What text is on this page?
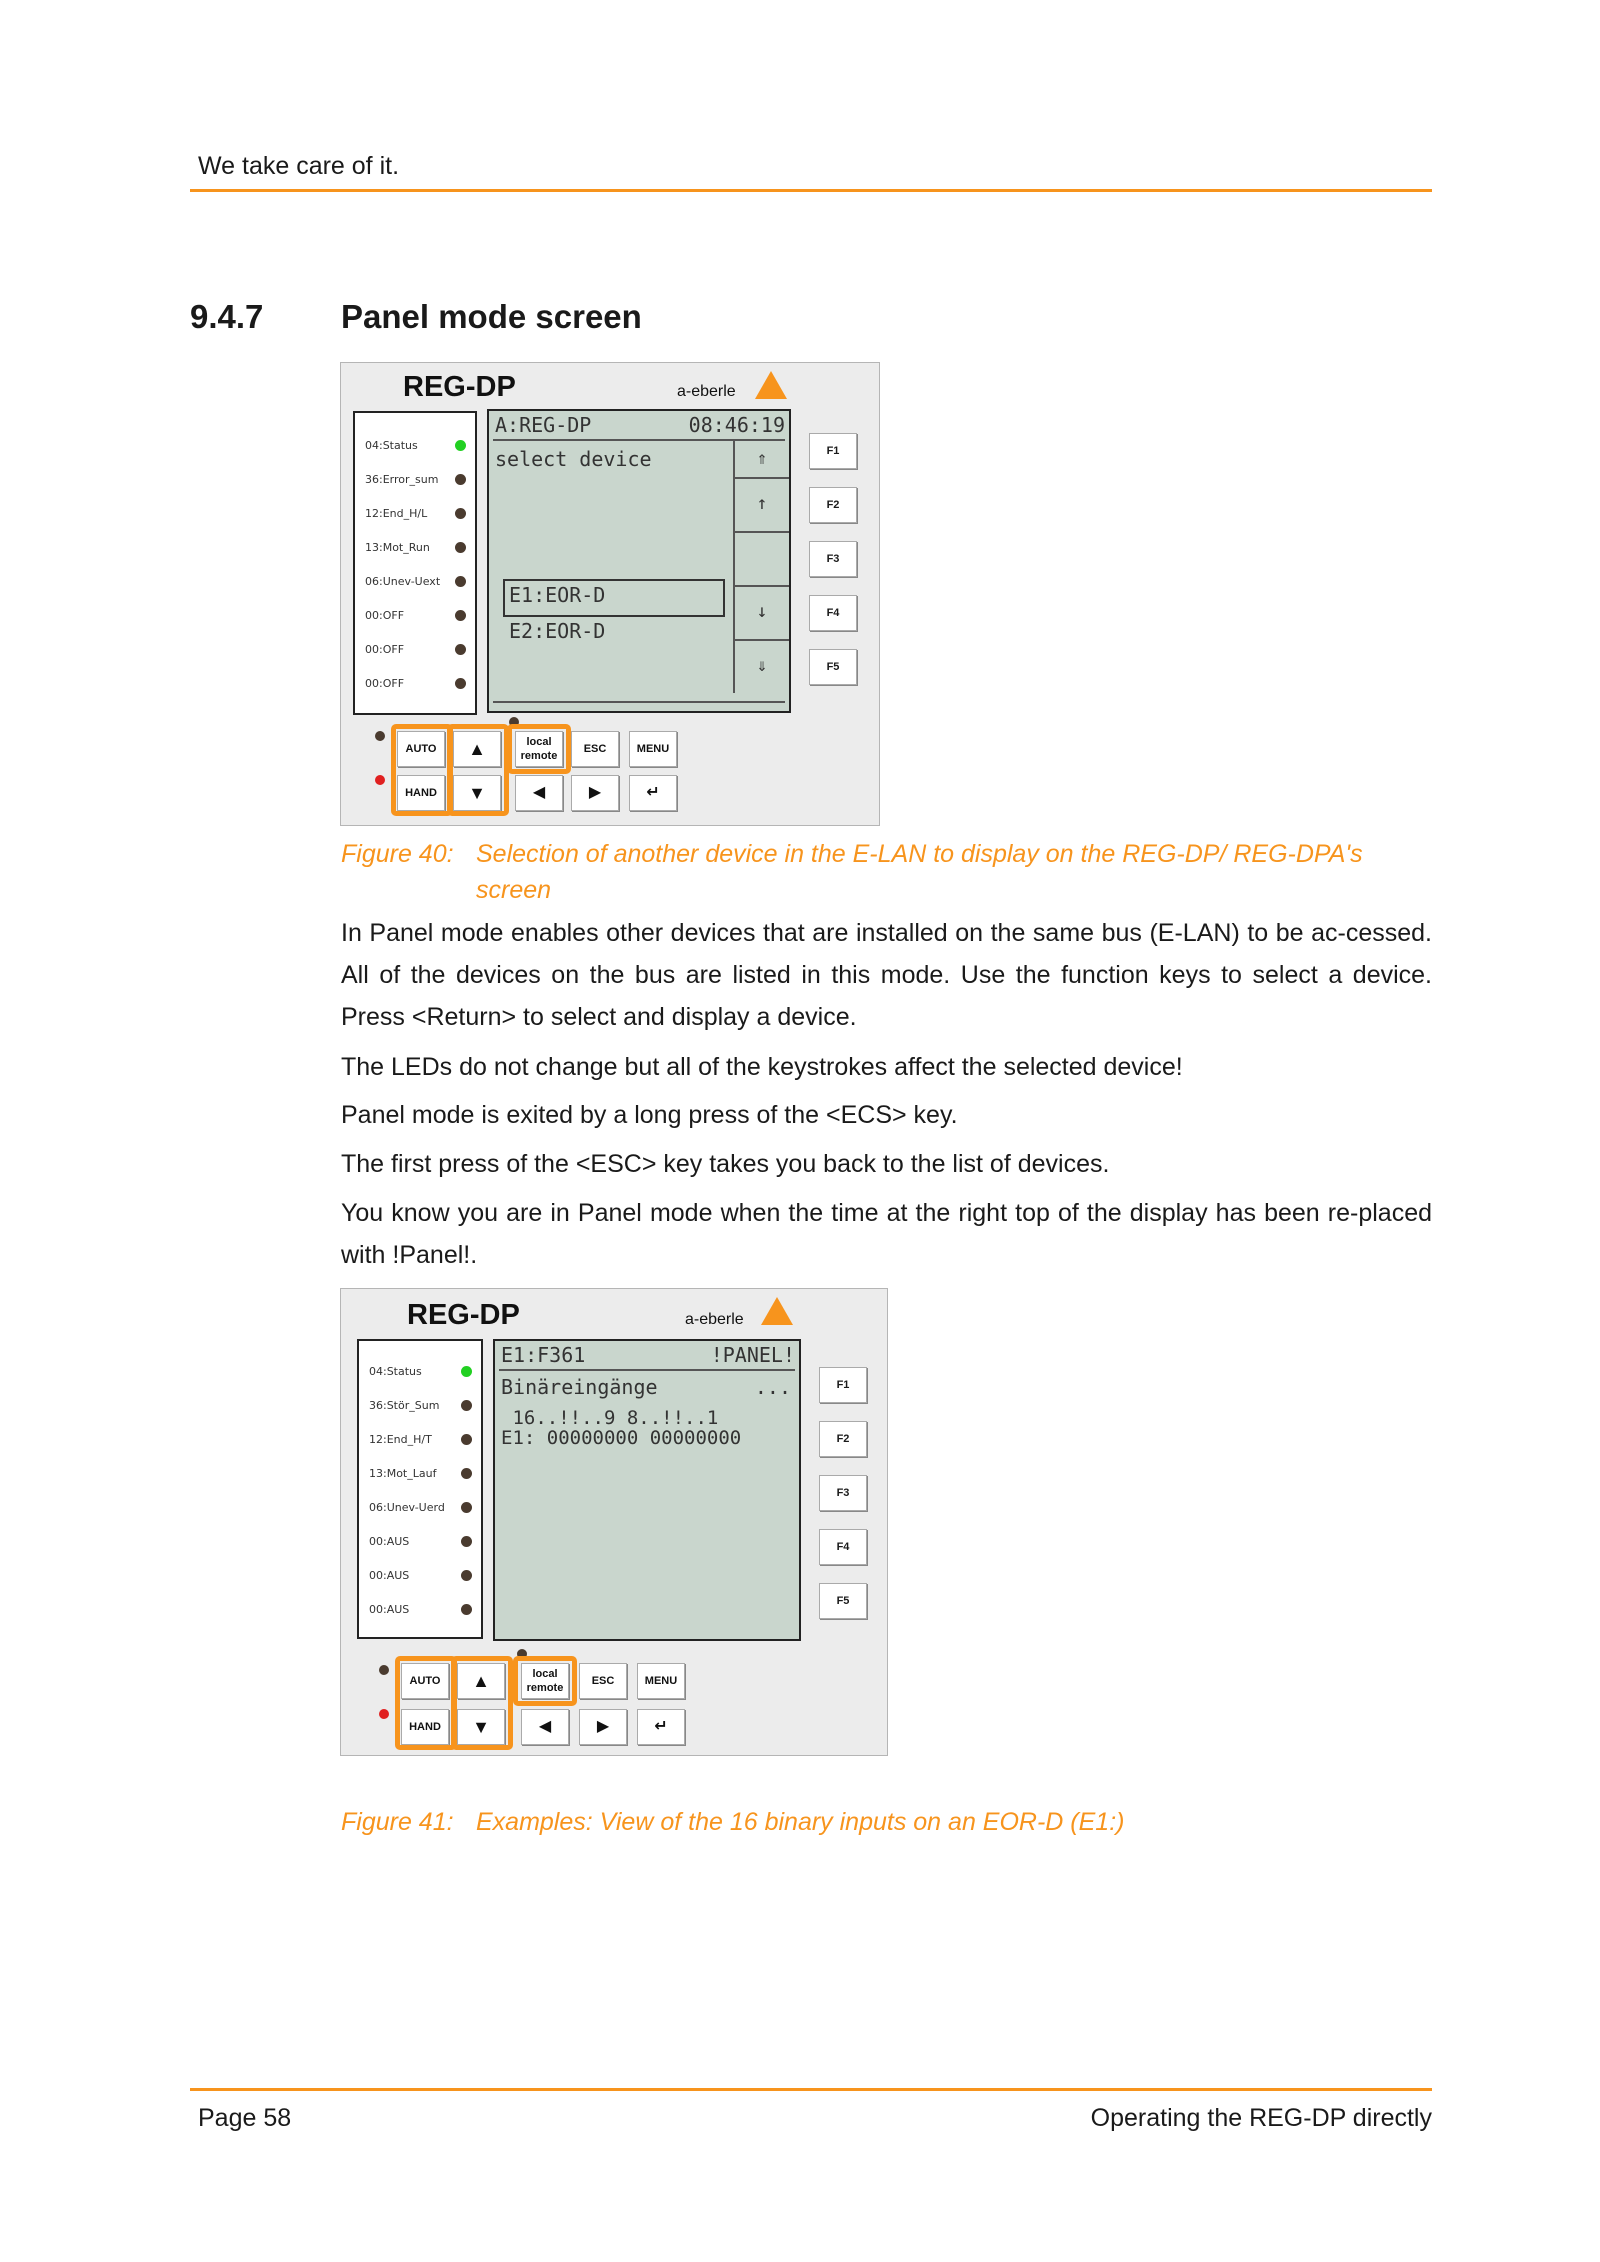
We take care of it.
9.4.7 Panel mode screen
REG-DP	a-eberle
04:Status
36:Error_sum
12:End_H/L
13:Mot_Run
06:Unev-Uext
00:OFF
00:OFF
00:OFF
A:REG-DP	08:46:19
select device
E1:EOR-D
E2:EOR-D
⇑
↑
↓
⇓
F1
F2
F3
F4
F5
AUTO
HAND
▲
▼
local
remote
ESC	MENU
◀	▶	↵
Figure 40: Selection of another device in the E-LAN to display on the REG-DP/ REG-DPA's
screen
In Panel mode enables other devices that are installed on the same bus (E-LAN) to be ac-cessed. All of the devices on the bus are listed in this mode. Use the function keys to select a device. Press <Return> to select and display a device.
The LEDs do not change but all of the keystrokes affect the selected device!
Panel mode is exited by a long press of the <ECS> key.
The first press of the <ESC> key takes you back to the list of devices.
You know you are in Panel mode when the time at the right top of the display has been re-placed with !Panel!.
REG-DP	a-eberle
04:Status
36:Stör_Sum
12:End_H/T
13:Mot_Lauf
06:Unev-Uerd
00:AUS
00:AUS
00:AUS
E1:F361	!PANEL!
Binäreingänge	...
16..!!..9 8..!!..1
E1: 00000000 00000000
F1
F2
F3
F4
F5
AUTO
HAND
▲
▼
local
remote
ESC	MENU
◀	▶	↵
Figure 41: Examples: View of the 16 binary inputs on an EOR-D (E1:)
Page 58	Operating the REG-DP directly
